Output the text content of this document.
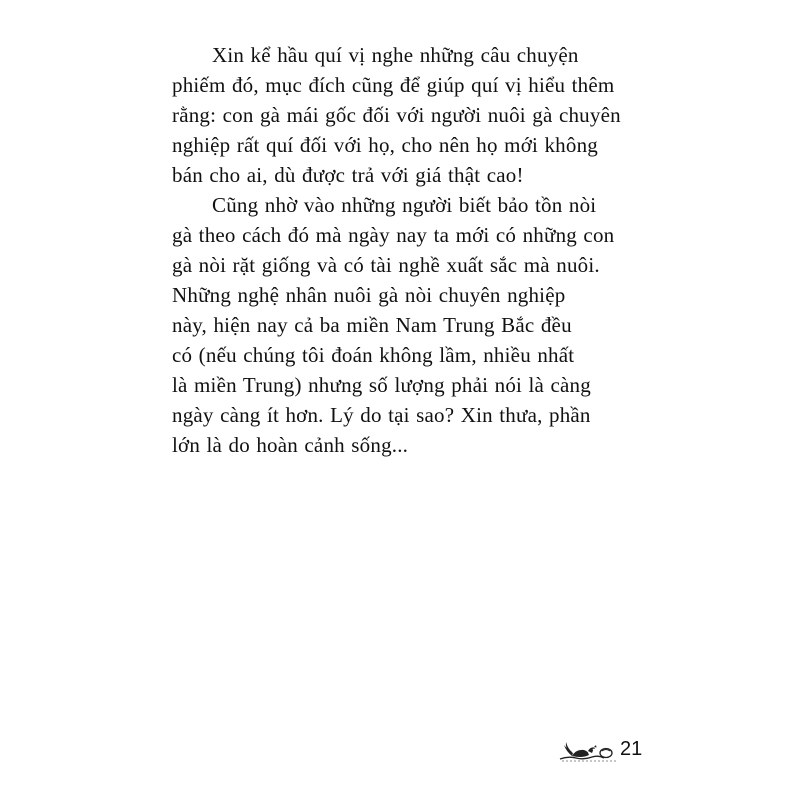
Xin kể hầu quí vị nghe những câu chuyện
phiếm đó, mục đích cũng để giúp quí vị hiểu thêm
rằng: con gà mái gốc đối với người nuôi gà chuyên
nghiệp rất quí đối với họ, cho nên họ mới không
bán cho ai, dù được trả với giá thật cao!

Cũng nhờ vào những người biết bảo tồn nòi
gà theo cách đó mà ngày nay ta mới có những con
gà nòi rặt giống và có tài nghề xuất sắc mà nuôi.
Những nghệ nhân nuôi gà nòi chuyên nghiệp
này, hiện nay cả ba miền Nam Trung Bắc đều
có (nếu chúng tôi đoán không lầm, nhiều nhất
là miền Trung) nhưng số lượng phải nói là càng
ngày càng ít hơn. Lý do tại sao? Xin thưa, phần
lớn là do hoàn cảnh sống...

21
